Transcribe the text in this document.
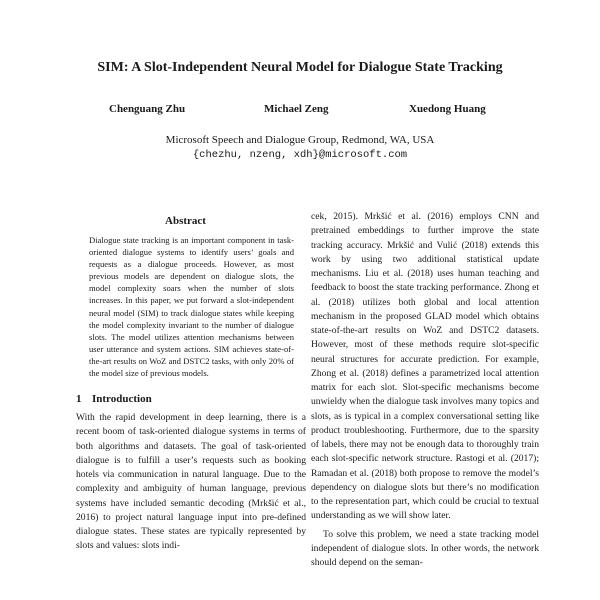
SIM: A Slot-Independent Neural Model for Dialogue State Tracking
Chenguang Zhu	Michael Zeng	Xuedong Huang
Microsoft Speech and Dialogue Group, Redmond, WA, USA
{chezhu, nzeng, xdh}@microsoft.com
Abstract

Dialogue state tracking is an important component in task-oriented dialogue systems to identify users’ goals and requests as a dialogue proceeds. However, as most previous models are dependent on dialogue slots, the model complexity soars when the number of slots increases. In this paper, we put forward a slot-independent neural model (SIM) to track dialogue states while keeping the model complexity invariant to the number of dialogue slots. The model utilizes attention mechanisms between user utterance and system actions. SIM achieves state-of-the-art results on WoZ and DSTC2 tasks, with only 20% of the model size of previous models.

1 Introduction

With the rapid development in deep learning, there is a recent boom of task-oriented dialogue systems in terms of both algorithms and datasets. The goal of task-oriented dialogue is to fulfill a user’s requests such as booking hotels via communication in natural language. Due to the complexity and ambiguity of human language, previous systems have included semantic decoding (Mrkšić et al., 2016) to project natural language input into pre-defined dialogue states. These states are typically represented by slots and values: slots indi-

cek, 2015). Mrkšić et al. (2016) employs CNN and pretrained embeddings to further improve the state tracking accuracy. Mrkšić and Vulić (2018) extends this work by using two additional statistical update mechanisms. Liu et al. (2018) uses human teaching and feedback to boost the state tracking performance. Zhong et al. (2018) utilizes both global and local attention mechanism in the proposed GLAD model which obtains state-of-the-art results on WoZ and DSTC2 datasets. However, most of these methods require slot-specific neural structures for accurate prediction. For example, Zhong et al. (2018) defines a parametrized local attention matrix for each slot. Slot-specific mechanisms become unwieldy when the dialogue task involves many topics and slots, as is typical in a complex conversational setting like product troubleshooting. Furthermore, due to the sparsity of labels, there may not be enough data to thoroughly train each slot-specific network structure. Rastogi et al. (2017); Ramadan et al. (2018) both propose to remove the model’s dependency on dialogue slots but there’s no modification to the representation part, which could be crucial to textual understanding as we will show later.

To solve this problem, we need a state tracking model independent of dialogue slots. In other words, the network should depend on the seman-
